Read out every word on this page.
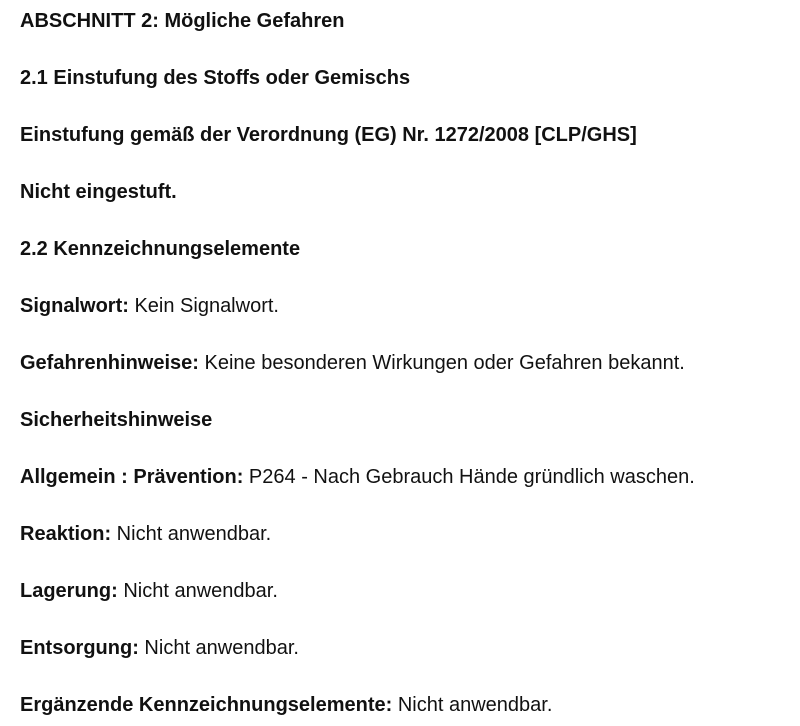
ABSCHNITT 2: Mögliche Gefahren
2.1 Einstufung des Stoffs oder Gemischs
Einstufung gemäß der Verordnung (EG) Nr. 1272/2008 [CLP/GHS]
Nicht eingestuft.
2.2 Kennzeichnungselemente
Signalwort: Kein Signalwort.
Gefahrenhinweise: Keine besonderen Wirkungen oder Gefahren bekannt.
Sicherheitshinweise
Allgemein : Prävention: P264 - Nach Gebrauch Hände gründlich waschen.
Reaktion: Nicht anwendbar.
Lagerung: Nicht anwendbar.
Entsorgung: Nicht anwendbar.
Ergänzende Kennzeichnungselemente: Nicht anwendbar.
